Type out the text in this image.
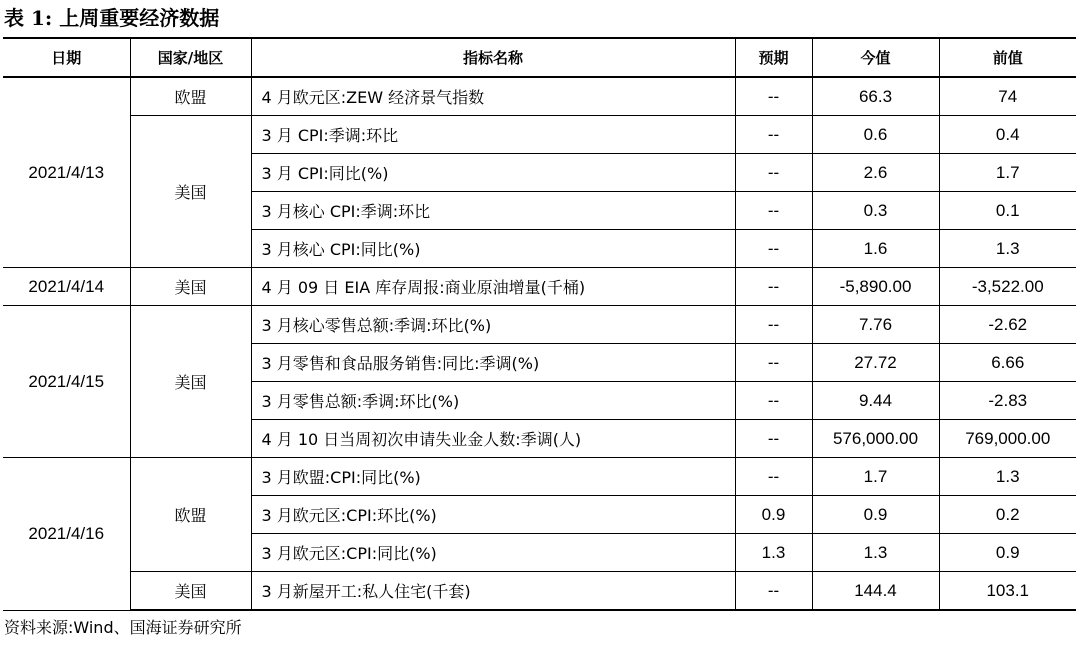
表 1: 上周重要经济数据
日期	国家/地区	指标名称	预期	今值	前值
2021/4/13	欧盟	4 月欧元区:ZEW 经济景气指数	--	66.3	74
	美国	3 月 CPI:季调:环比	--	0.6	0.4
		3 月 CPI:同比(%)	--	2.6	1.7
		3 月核心 CPI:季调:环比	--	0.3	0.1
		3 月核心 CPI:同比(%)	--	1.6	1.3
2021/4/14	美国	4 月 09 日 EIA 库存周报:商业原油增量(千桶)	--	-5,890.00	-3,522.00
2021/4/15	美国	3 月核心零售总额:季调:环比(%)	--	7.76	-2.62
		3 月零售和食品服务销售:同比:季调(%)	--	27.72	6.66
		3 月零售总额:季调:环比(%)	--	9.44	-2.83
		4 月 10 日当周初次申请失业金人数:季调(人)	--	576,000.00	769,000.00
2021/4/16	欧盟	3 月欧盟:CPI:同比(%)	--	1.7	1.3
		3 月欧元区:CPI:环比(%)	0.9	0.9	0.2
		3 月欧元区:CPI:同比(%)	1.3	1.3	0.9
	美国	3 月新屋开工:私人住宅(千套)	--	144.4	103.1
资料来源:Wind、国海证券研究所
